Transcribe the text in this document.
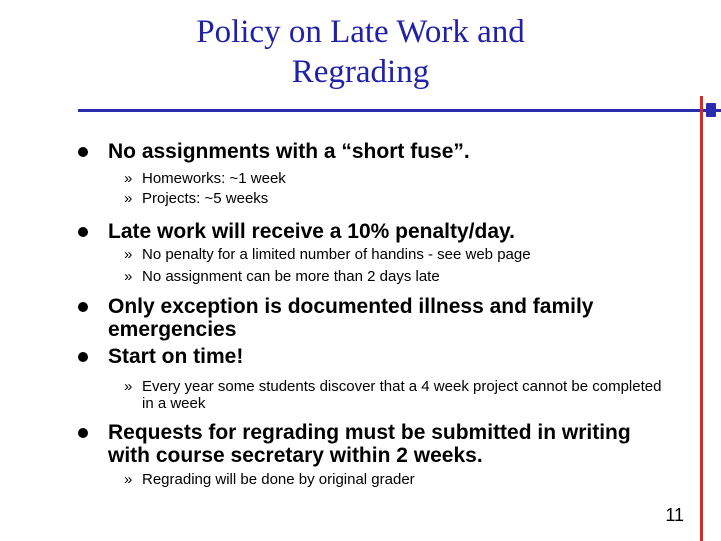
Policy on Late Work and
Regrading
No assignments with a “short fuse”.
» Homeworks: ~1 week
» Projects: ~5 weeks
Late work will receive a 10% penalty/day.
» No penalty for a limited number of handins - see web page
» No assignment can be more than 2 days late
Only exception is documented illness and family emergencies
Start on time!
» Every year some students discover that a 4 week project cannot be completed in a week
Requests for regrading must be submitted in writing with course secretary within 2 weeks.
» Regrading will be done by original grader
11
